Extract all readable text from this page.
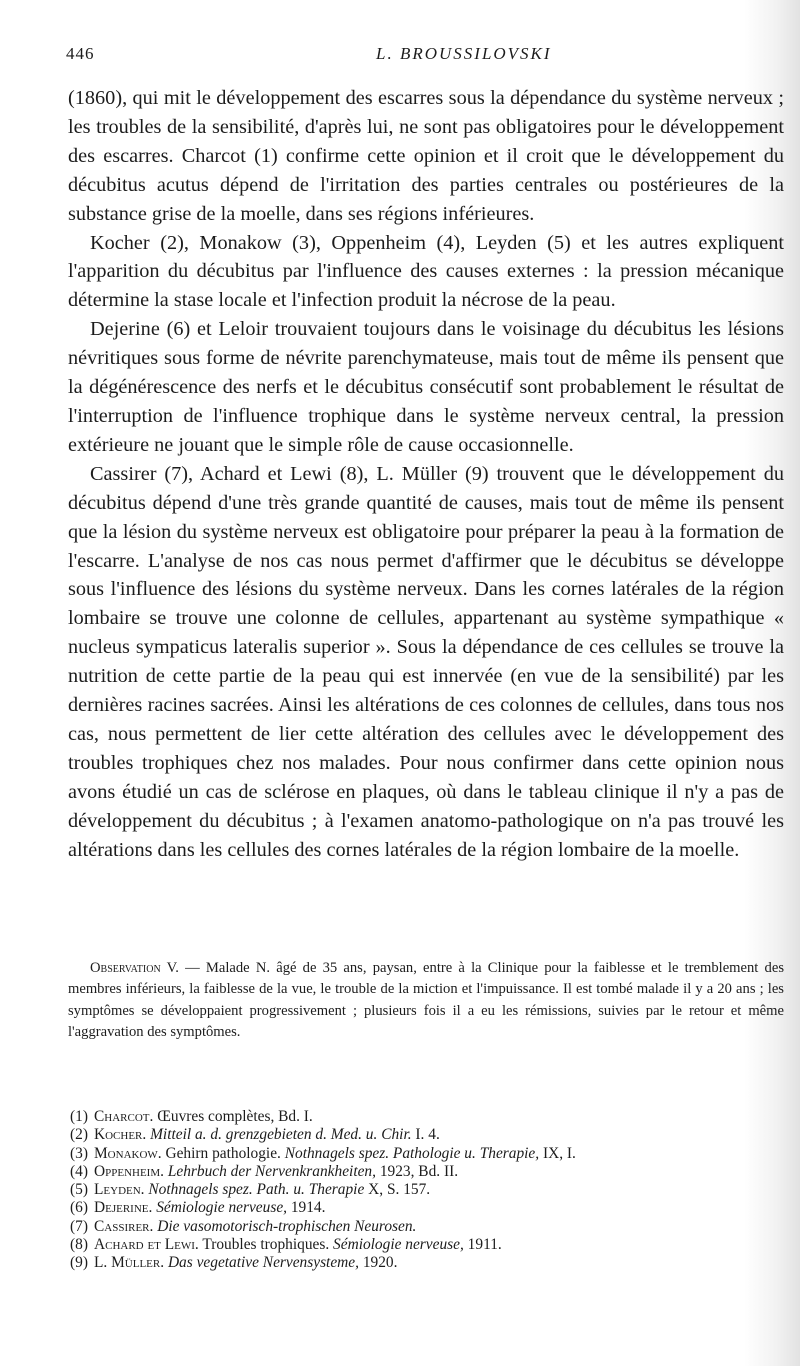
446	L. BROUSSILOVSKI

(1860), qui mit le développement des escarres sous la dépendance du système nerveux ; les troubles de la sensibilité, d'après lui, ne sont pas obligatoires pour le développement des escarres. Charcot (1) confirme cette opinion et il croit que le développement du décubitus acutus dépend de l'irritation des parties centrales ou postérieures de la substance grise de la moelle, dans ses régions inférieures.

Kocher (2), Monakow (3), Oppenheim (4), Leyden (5) et les autres expliquent l'apparition du décubitus par l'influence des causes externes : la pression mécanique détermine la stase locale et l'infection produit la nécrose de la peau.

Dejerine (6) et Leloir trouvaient toujours dans le voisinage du décubitus les lésions névritiques sous forme de névrite parenchymateuse, mais tout de même ils pensent que la dégénérescence des nerfs et le décubitus consécutif sont probablement le résultat de l'interruption de l'influence trophique dans le système nerveux central, la pression extérieure ne jouant que le simple rôle de cause occasionnelle.

Cassirer (7), Achard et Lewi (8), L. Müller (9) trouvent que le développement du décubitus dépend d'une très grande quantité de causes, mais tout de même ils pensent que la lésion du système nerveux est obligatoire pour préparer la peau à la formation de l'escarre. L'analyse de nos cas nous permet d'affirmer que le décubitus se développe sous l'influence des lésions du système nerveux. Dans les cornes latérales de la région lombaire se trouve une colonne de cellules, appartenant au système sympathique « nucleus sympaticus lateralis superior ». Sous la dépendance de ces cellules se trouve la nutrition de cette partie de la peau qui est innervée (en vue de la sensibilité) par les dernières racines sacrées. Ainsi les altérations de ces colonnes de cellules, dans tous nos cas, nous permettent de lier cette altération des cellules avec le développement des troubles trophiques chez nos malades. Pour nous confirmer dans cette opinion nous avons étudié un cas de sclérose en plaques, où dans le tableau clinique il n'y a pas de développement du décubitus ; à l'examen anatomo-pathologique on n'a pas trouvé les altérations dans les cellules des cornes latérales de la région lombaire de la moelle.

Observation V. — Malade N. âgé de 35 ans, paysan, entre à la Clinique pour la faiblesse et le tremblement des membres inférieurs, la faiblesse de la vue, le trouble de la miction et l'impuissance. Il est tombé malade il y a 20 ans ; les symptômes se développaient progressivement ; plusieurs fois il a eu les rémissions, suivies par le retour et même l'aggravation des symptômes.
(1) Charcot. Œuvres complètes, Bd. I.
(2) Kocher. Mitteil a. d. grenzgebieten d. Med. u. Chir. I. 4.
(3) Monakow. Gehirn pathologie. Nothnagels spez. Pathologie u. Therapie, IX, I.
(4) Oppenheim. Lehrbuch der Nervenkrankheiten, 1923, Bd. II.
(5) Leyden. Nothnagels spez. Path. u. Therapie X, S. 157.
(6) Dejerine. Sémiologie nerveuse, 1914.
(7) Cassirer. Die vasomotorisch-trophischen Neurosen.
(8) Achard et Lewi. Troubles trophiques. Sémiologie nerveuse, 1911.
(9) L. Müller. Das vegetative Nervensysteme, 1920.
